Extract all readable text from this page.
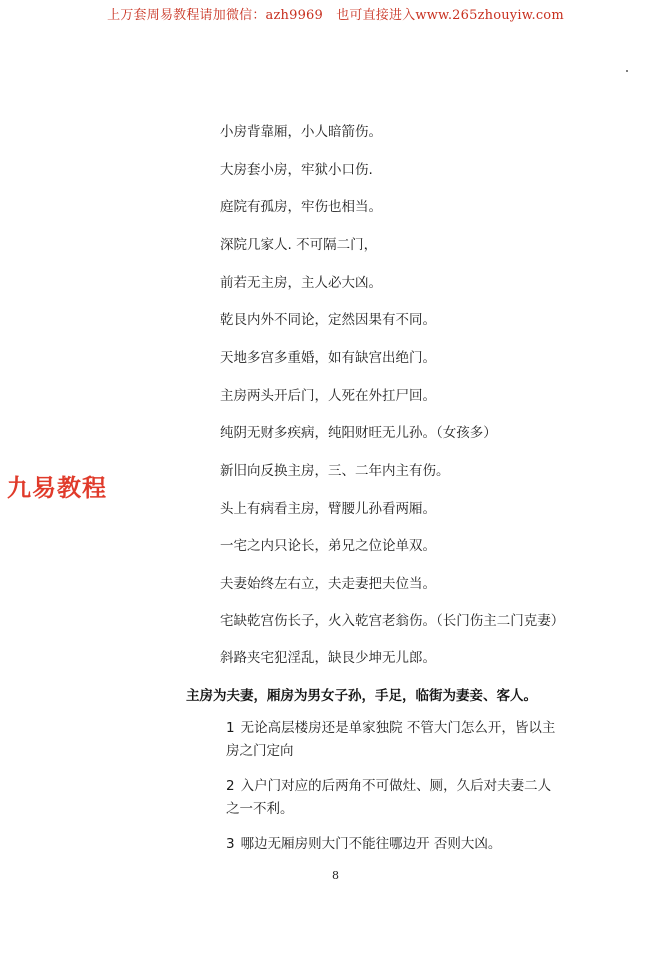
上万套周易教程请加微信：azh9969　也可直接进入www.265zhouyiw.com
九易教程
小房背靠厢，小人暗箭伤。
大房套小房，牢狱小口伤.
庭院有孤房，牢伤也相当。
深院几家人. 不可隔二门，
前若无主房，主人必大凶。
乾艮内外不同论，定然因果有不同。
天地多宫多重婚，如有缺宫出绝门。
主房两头开后门，人死在外扛尸回。
纯阴无财多疾病，纯阳财旺无儿孙。（女孩多）
新旧向反换主房，三、二年内主有伤。
头上有病看主房，臂腰儿孙看两厢。
一宅之内只论长，弟兄之位论单双。
夫妻始终左右立，夫走妻把夫位当。
宅缺乾宫伤长子，火入乾宫老翁伤。（长门伤主二门克妻）
斜路夹宅犯淫乱，缺艮少坤无儿郎。
主房为夫妻，厢房为男女子孙，手足，临街为妻妾、客人。
1 无论高层楼房还是单家独院 不管大门怎么开，皆以主房之门定向
2 入户门对应的后两角不可做灶、厕，久后对夫妻二人之一不利。
3 哪边无厢房则大门不能往哪边开 否则大凶。
8
